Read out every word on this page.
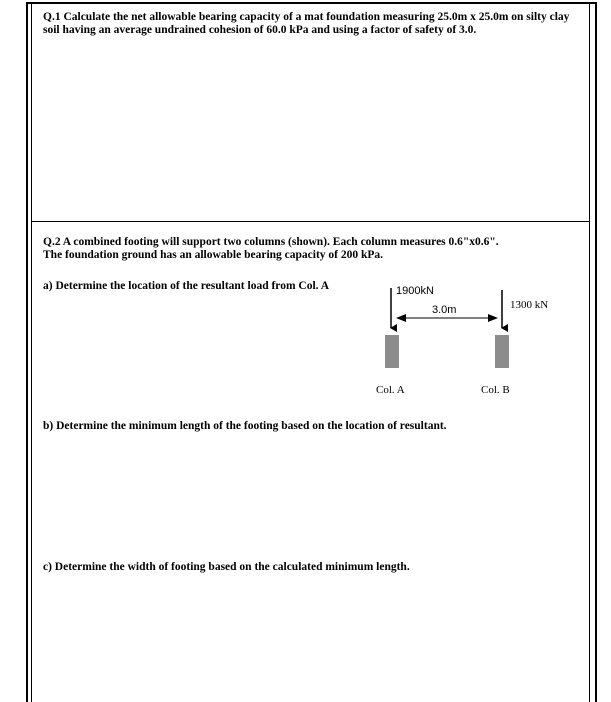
Q.1 Calculate the net allowable bearing capacity of a mat foundation measuring 25.0m x 25.0m on silty clay soil having an average undrained cohesion of 60.0 kPa and using a factor of safety of 3.0.
Q.2 A combined footing will support two columns (shown). Each column measures 0.6"x0.6".
The foundation ground has an allowable bearing capacity of 200 kPa.
a) Determine the location of the resultant load from Col. A	1900kN
1300 kN
3.0m
Col. A	Col. B
b) Determine the minimum length of the footing based on the location of resultant.
c) Determine the width of footing based on the calculated minimum length.
